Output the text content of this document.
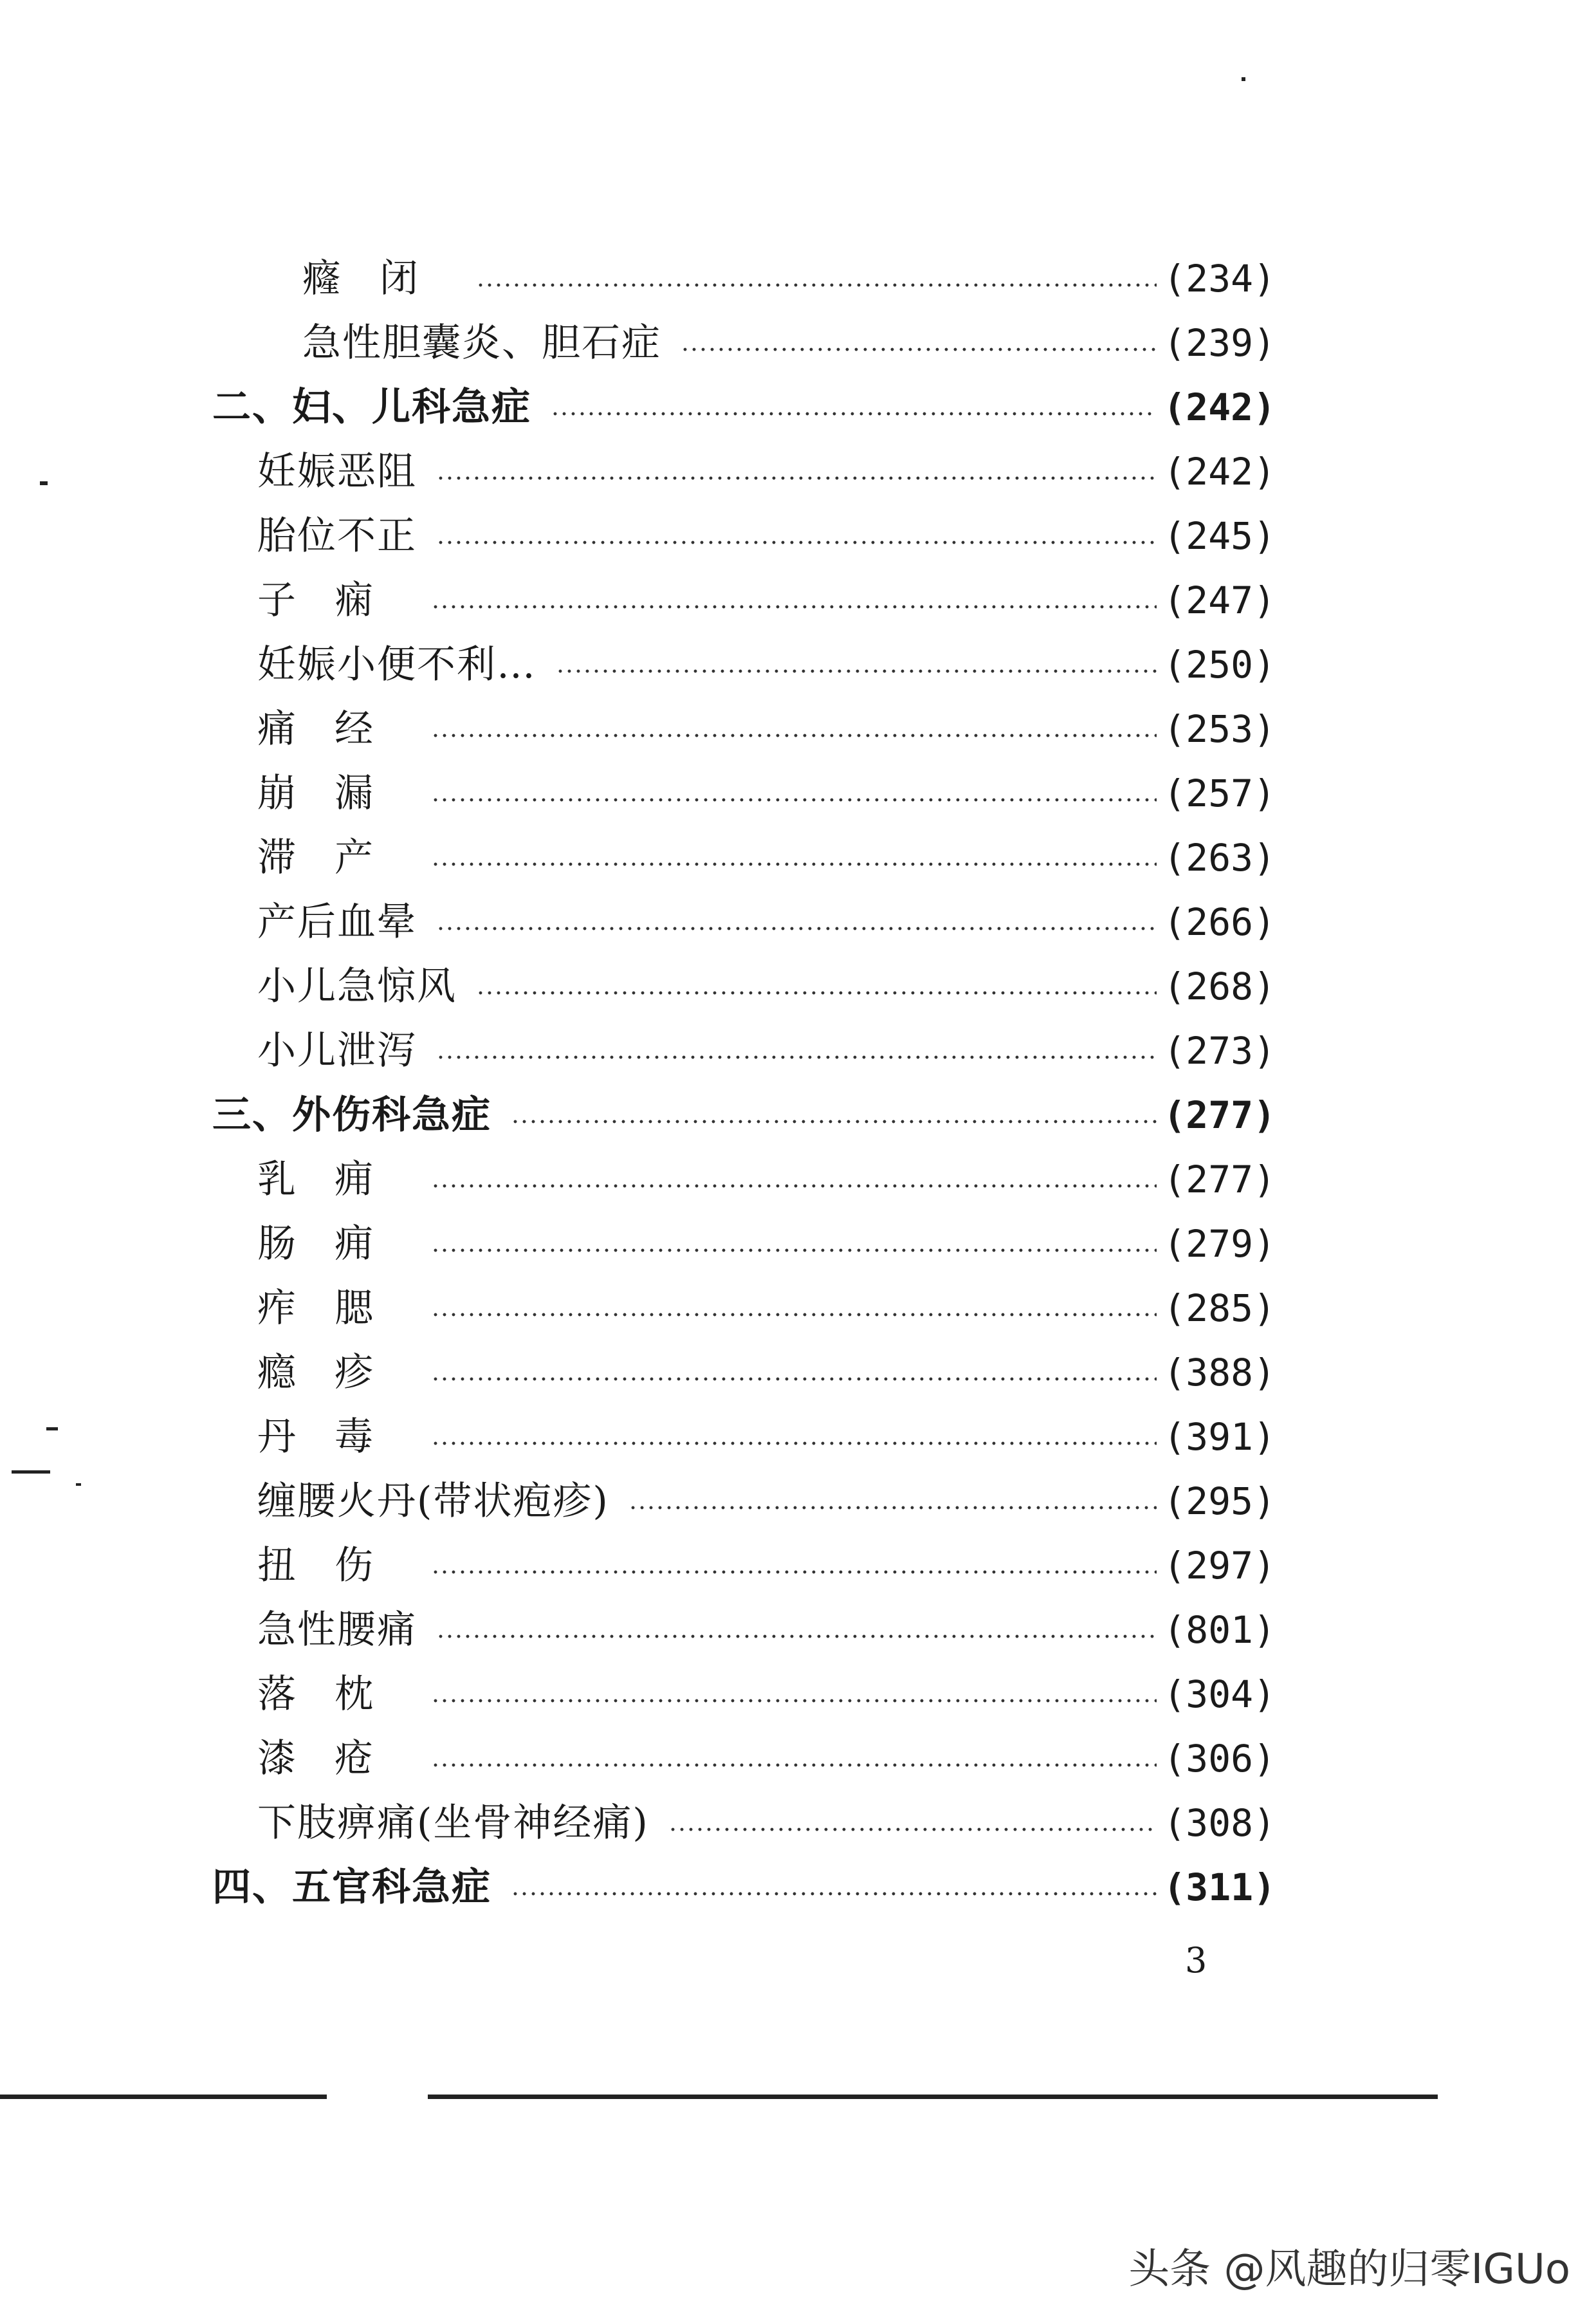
癃闭	(234)
急性胆囊炎、胆石症	(239)
二、妇、儿科急症	(242)
妊娠恶阻	(242)
胎位不正	(245)
子痫	(247)
妊娠小便不利…	(250)
痛经	(253)
崩漏	(257)
滞产	(263)
产后血晕	(266)
小儿急惊风	(268)
小儿泄泻	(273)
三、外伤科急症	(277)
乳痈	(277)
肠痈	(279)
痄腮	(285)
瘾疹	(388)
丹毒	(391)
缠腰火丹(带状疱疹)	(295)
扭伤	(297)
急性腰痛	(801)
落枕	(304)
漆疮	(306)
下肢痹痛(坐骨神经痛)	(308)
四、五官科急症	(311)
3
头条 @风趣的归零IGUo
